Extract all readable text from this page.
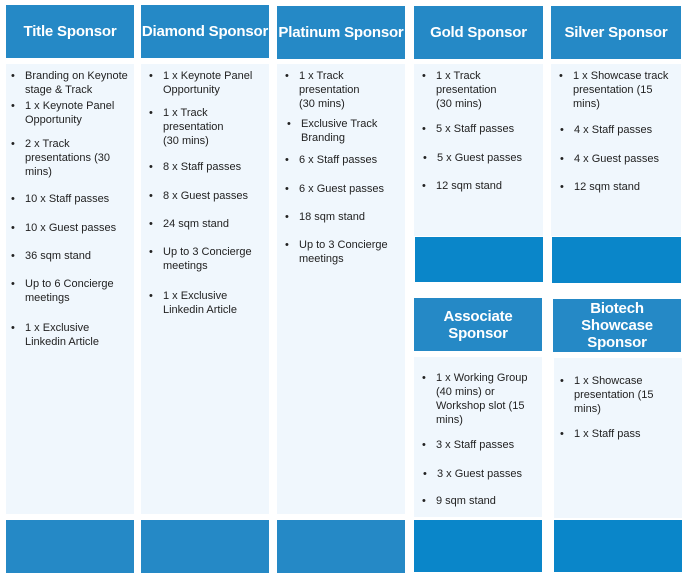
Title Sponsor
• Branding on Keynote stage & Track
• 1 x Keynote Panel Opportunity
• 2 x Track presentations (30 mins)
• 10 x Staff passes
• 10 x Guest passes
• 36 sqm stand
• Up to 6 Concierge meetings
• 1 x Exclusive Linkedin Article
Diamond Sponsor
• 1 x Keynote Panel Opportunity
• 1 x Track presentation (30 mins)
• 8 x Staff passes
• 8 x Guest passes
• 24 sqm stand
• Up to 3 Concierge meetings
• 1 x Exclusive Linkedin Article
Platinum Sponsor
• 1 x Track presentation (30 mins)
• Exclusive Track Branding
• 6 x Staff passes
• 6 x Guest passes
• 18 sqm stand
• Up to 3 Concierge meetings
Gold Sponsor
• 1 x Track presentation (30 mins)
• 5 x Staff passes
• 5 x Guest passes
• 12 sqm stand
Silver Sponsor
• 1 x Showcase track presentation (15 mins)
• 4 x Staff passes
• 4 x Guest passes
• 12 sqm stand
Associate Sponsor
• 1 x Working Group (40 mins) or Workshop slot (15 mins)
• 3 x Staff passes
• 3 x Guest passes
• 9 sqm stand
Biotech Showcase Sponsor
• 1 x Showcase presentation (15 mins)
• 1 x Staff pass
